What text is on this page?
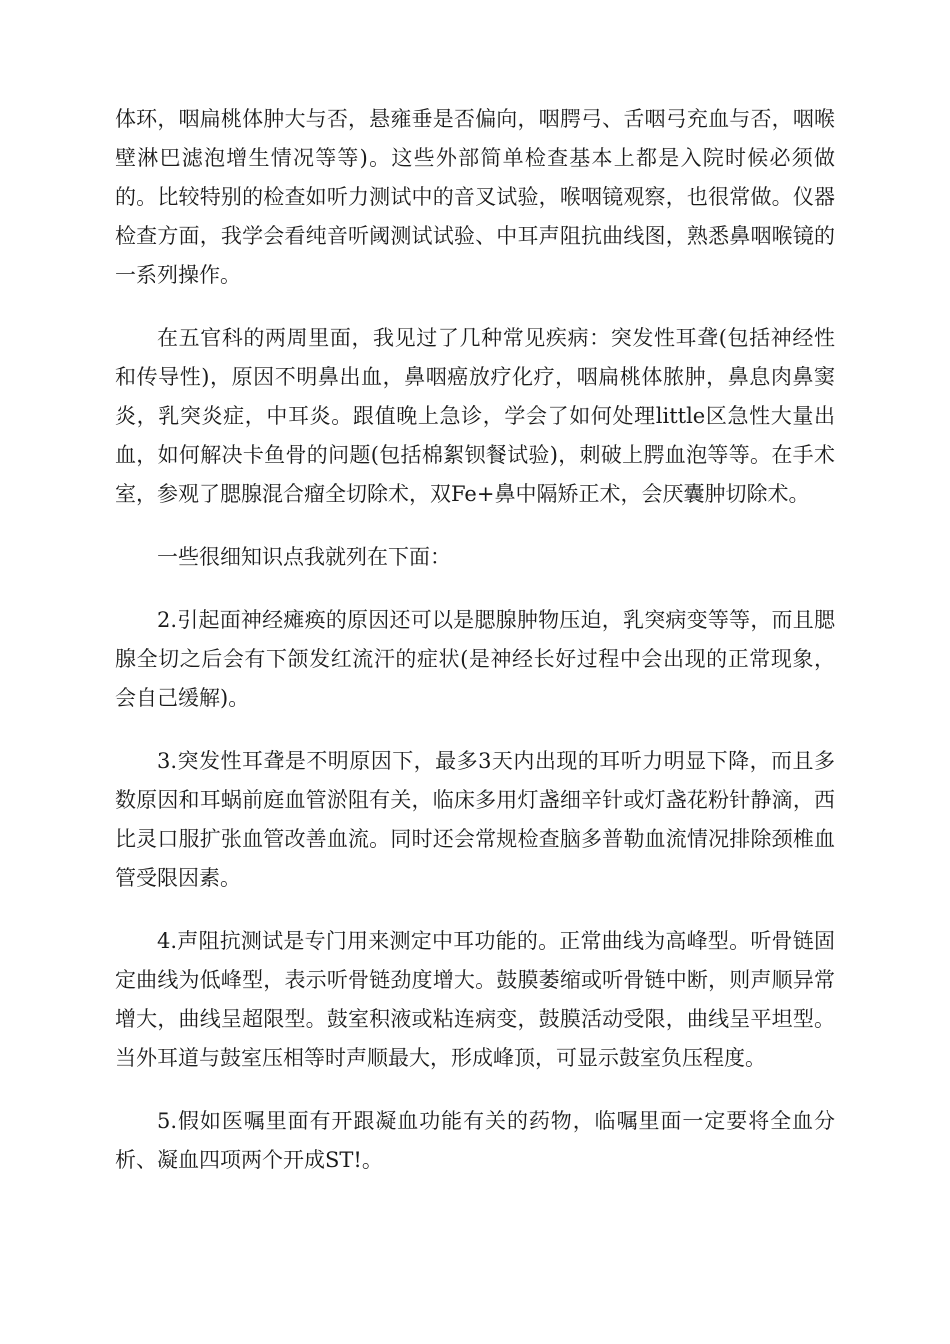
体环，咽扁桃体肿大与否，悬雍垂是否偏向，咽腭弓、舌咽弓充血与否，咽喉壁淋巴滤泡增生情况等等)。这些外部简单检查基本上都是入院时候必须做的。比较特别的检查如听力测试中的音叉试验，喉咽镜观察，也很常做。仪器检查方面，我学会看纯音听阈测试试验、中耳声阻抗曲线图，熟悉鼻咽喉镜的一系列操作。

在五官科的两周里面，我见过了几种常见疾病：突发性耳聋(包括神经性和传导性)，原因不明鼻出血，鼻咽癌放疗化疗，咽扁桃体脓肿，鼻息肉鼻窦炎，乳突炎症，中耳炎。跟值晚上急诊，学会了如何处理little区急性大量出血，如何解决卡鱼骨的问题(包括棉絮钡餐试验)，刺破上腭血泡等等。在手术室，参观了腮腺混合瘤全切除术，双Fe+鼻中隔矫正术，会厌囊肿切除术。

一些很细知识点我就列在下面：

2.引起面神经瘫痪的原因还可以是腮腺肿物压迫，乳突病变等等，而且腮腺全切之后会有下颌发红流汗的症状(是神经长好过程中会出现的正常现象，会自己缓解)。

3.突发性耳聋是不明原因下，最多3天内出现的耳听力明显下降，而且多数原因和耳蜗前庭血管淤阻有关，临床多用灯盏细辛针或灯盏花粉针静滴，西比灵口服扩张血管改善血流。同时还会常规检查脑多普勒血流情况排除颈椎血管受限因素。

4.声阻抗测试是专门用来测定中耳功能的。正常曲线为高峰型。听骨链固定曲线为低峰型，表示听骨链劲度增大。鼓膜萎缩或听骨链中断，则声顺异常增大，曲线呈超限型。鼓室积液或粘连病变，鼓膜活动受限，曲线呈平坦型。当外耳道与鼓室压相等时声顺最大，形成峰顶，可显示鼓室负压程度。

5.假如医嘱里面有开跟凝血功能有关的药物，临嘱里面一定要将全血分析、凝血四项两个开成ST!。
